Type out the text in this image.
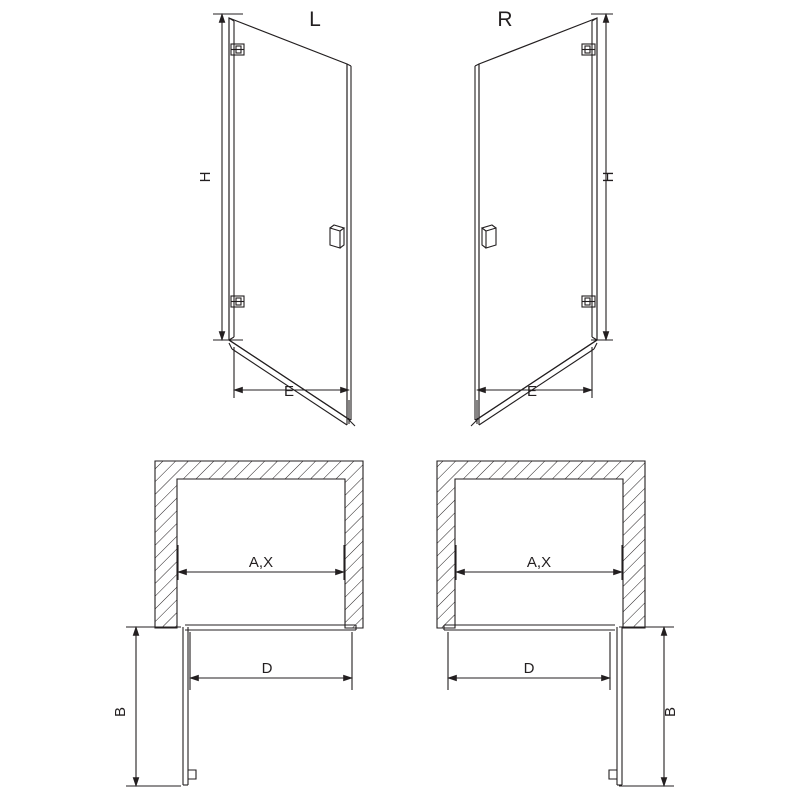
E
H
L
E
H
R
A,X
D
B
A,X
D
B
